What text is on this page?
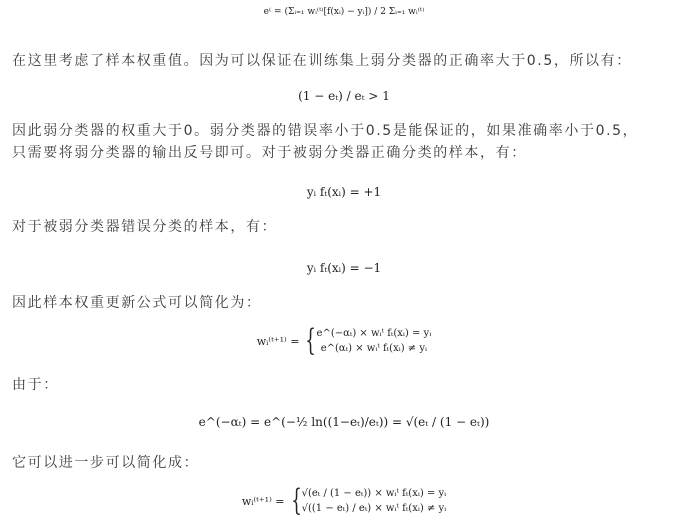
e⁽ = (Σᵢ₌₁ wᵢ⁽ᵗ⁾[f(xᵢ) − yᵢ]) / 2 Σᵢ₌₁ wᵢ⁽ᵗ⁾
在这里考虑了样本权重值。因为可以保证在训练集上弱分类器的正确率大于0.5，所以有：
(1 − eₜ) / eₜ > 1
因此弱分类器的权重大于0。弱分类器的错误率小于0.5是能保证的，如果准确率小于0.5，
只需要将弱分类器的输出反号即可。对于被弱分类器正确分类的样本，有：
yᵢ fₜ(xᵢ) = +1
对于被弱分类器错误分类的样本，有：
yᵢ fₜ(xᵢ) = −1
因此样本权重更新公式可以简化为：
wᵢ⁽ᵗ⁺¹⁾ = {e^(−αₜ) × wᵢᵗ fₜ(xᵢ) = yᵢ
e^(αₜ) × wᵢᵗ fₜ(xᵢ) ≠ yᵢ
由于：
e^(−αₜ) = e^(−½ ln((1−eₜ)/eₜ)) = √(eₜ / (1 − eₜ))
它可以进一步可以简化成：
wᵢ⁽ᵗ⁺¹⁾ = {√(eₜ / (1 − eₜ)) × wᵢᵗ fₜ(xᵢ) = yᵢ
√((1 − eₜ) / eₜ) × wᵢᵗ fₜ(xᵢ) ≠ yᵢ
